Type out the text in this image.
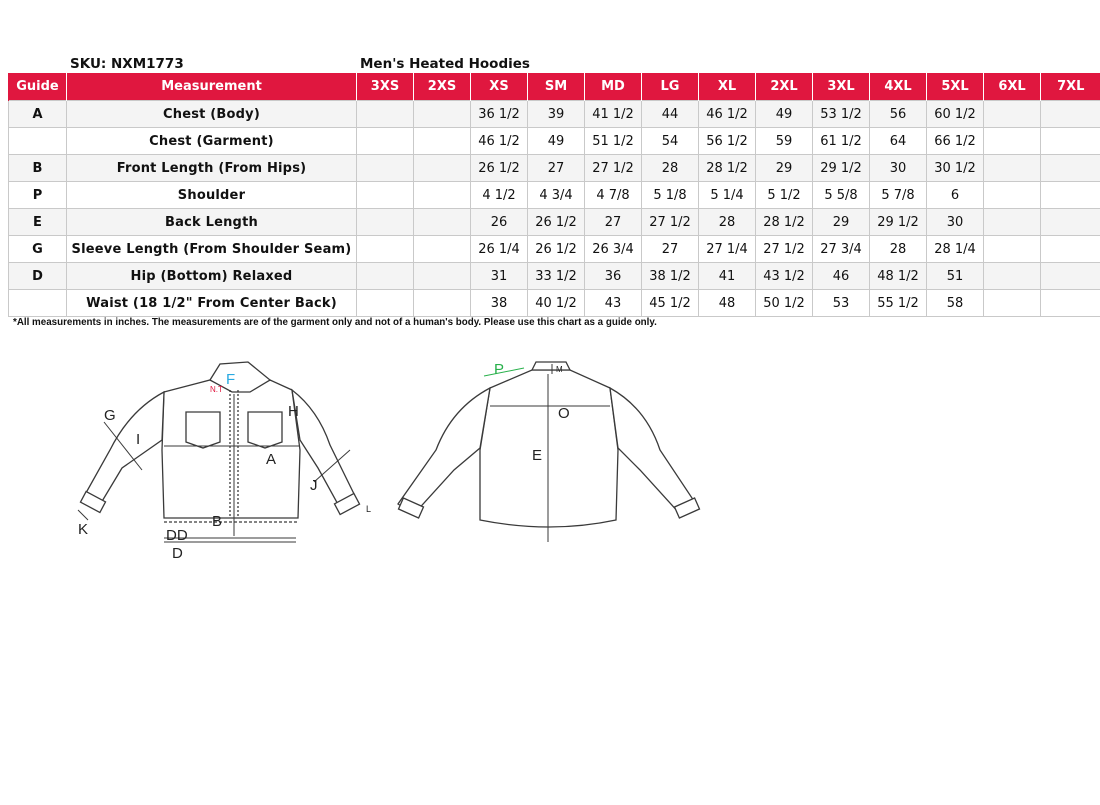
SKU: NXM1773	Men's Heated Hoodies
Guide	Measurement	3XS	2XS	XS	SM	MD	LG	XL	2XL	3XL	4XL	5XL	6XL	7XL
A	Chest (Body)			36 1/2	39	41 1/2	44	46 1/2	49	53 1/2	56	60 1/2		
	Chest (Garment)			46 1/2	49	51 1/2	54	56 1/2	59	61 1/2	64	66 1/2		
B	Front Length (From Hips)			26 1/2	27	27 1/2	28	28 1/2	29	29 1/2	30	30 1/2		
P	Shoulder			4 1/2	4 3/4	4 7/8	5 1/8	5 1/4	5 1/2	5 5/8	5 7/8	6		
E	Back Length			26	26 1/2	27	27 1/2	28	28 1/2	29	29 1/2	30		
G	Sleeve Length (From Shoulder Seam)			26 1/4	26 1/2	26 3/4	27	27 1/4	27 1/2	27 3/4	28	28 1/4		
D	Hip (Bottom) Relaxed			31	33 1/2	36	38 1/2	41	43 1/2	46	48 1/2	51		
	Waist (18 1/2" From Center Back)			38	40 1/2	43	45 1/2	48	50 1/2	53	55 1/2	58		
*All measurements in inches. The measurements are of the garment only and not of a human's body. Please use this chart as a guide only.
G
I
F
N.T
H
A
J
B
DD
D
K
L
P	M
O
E
